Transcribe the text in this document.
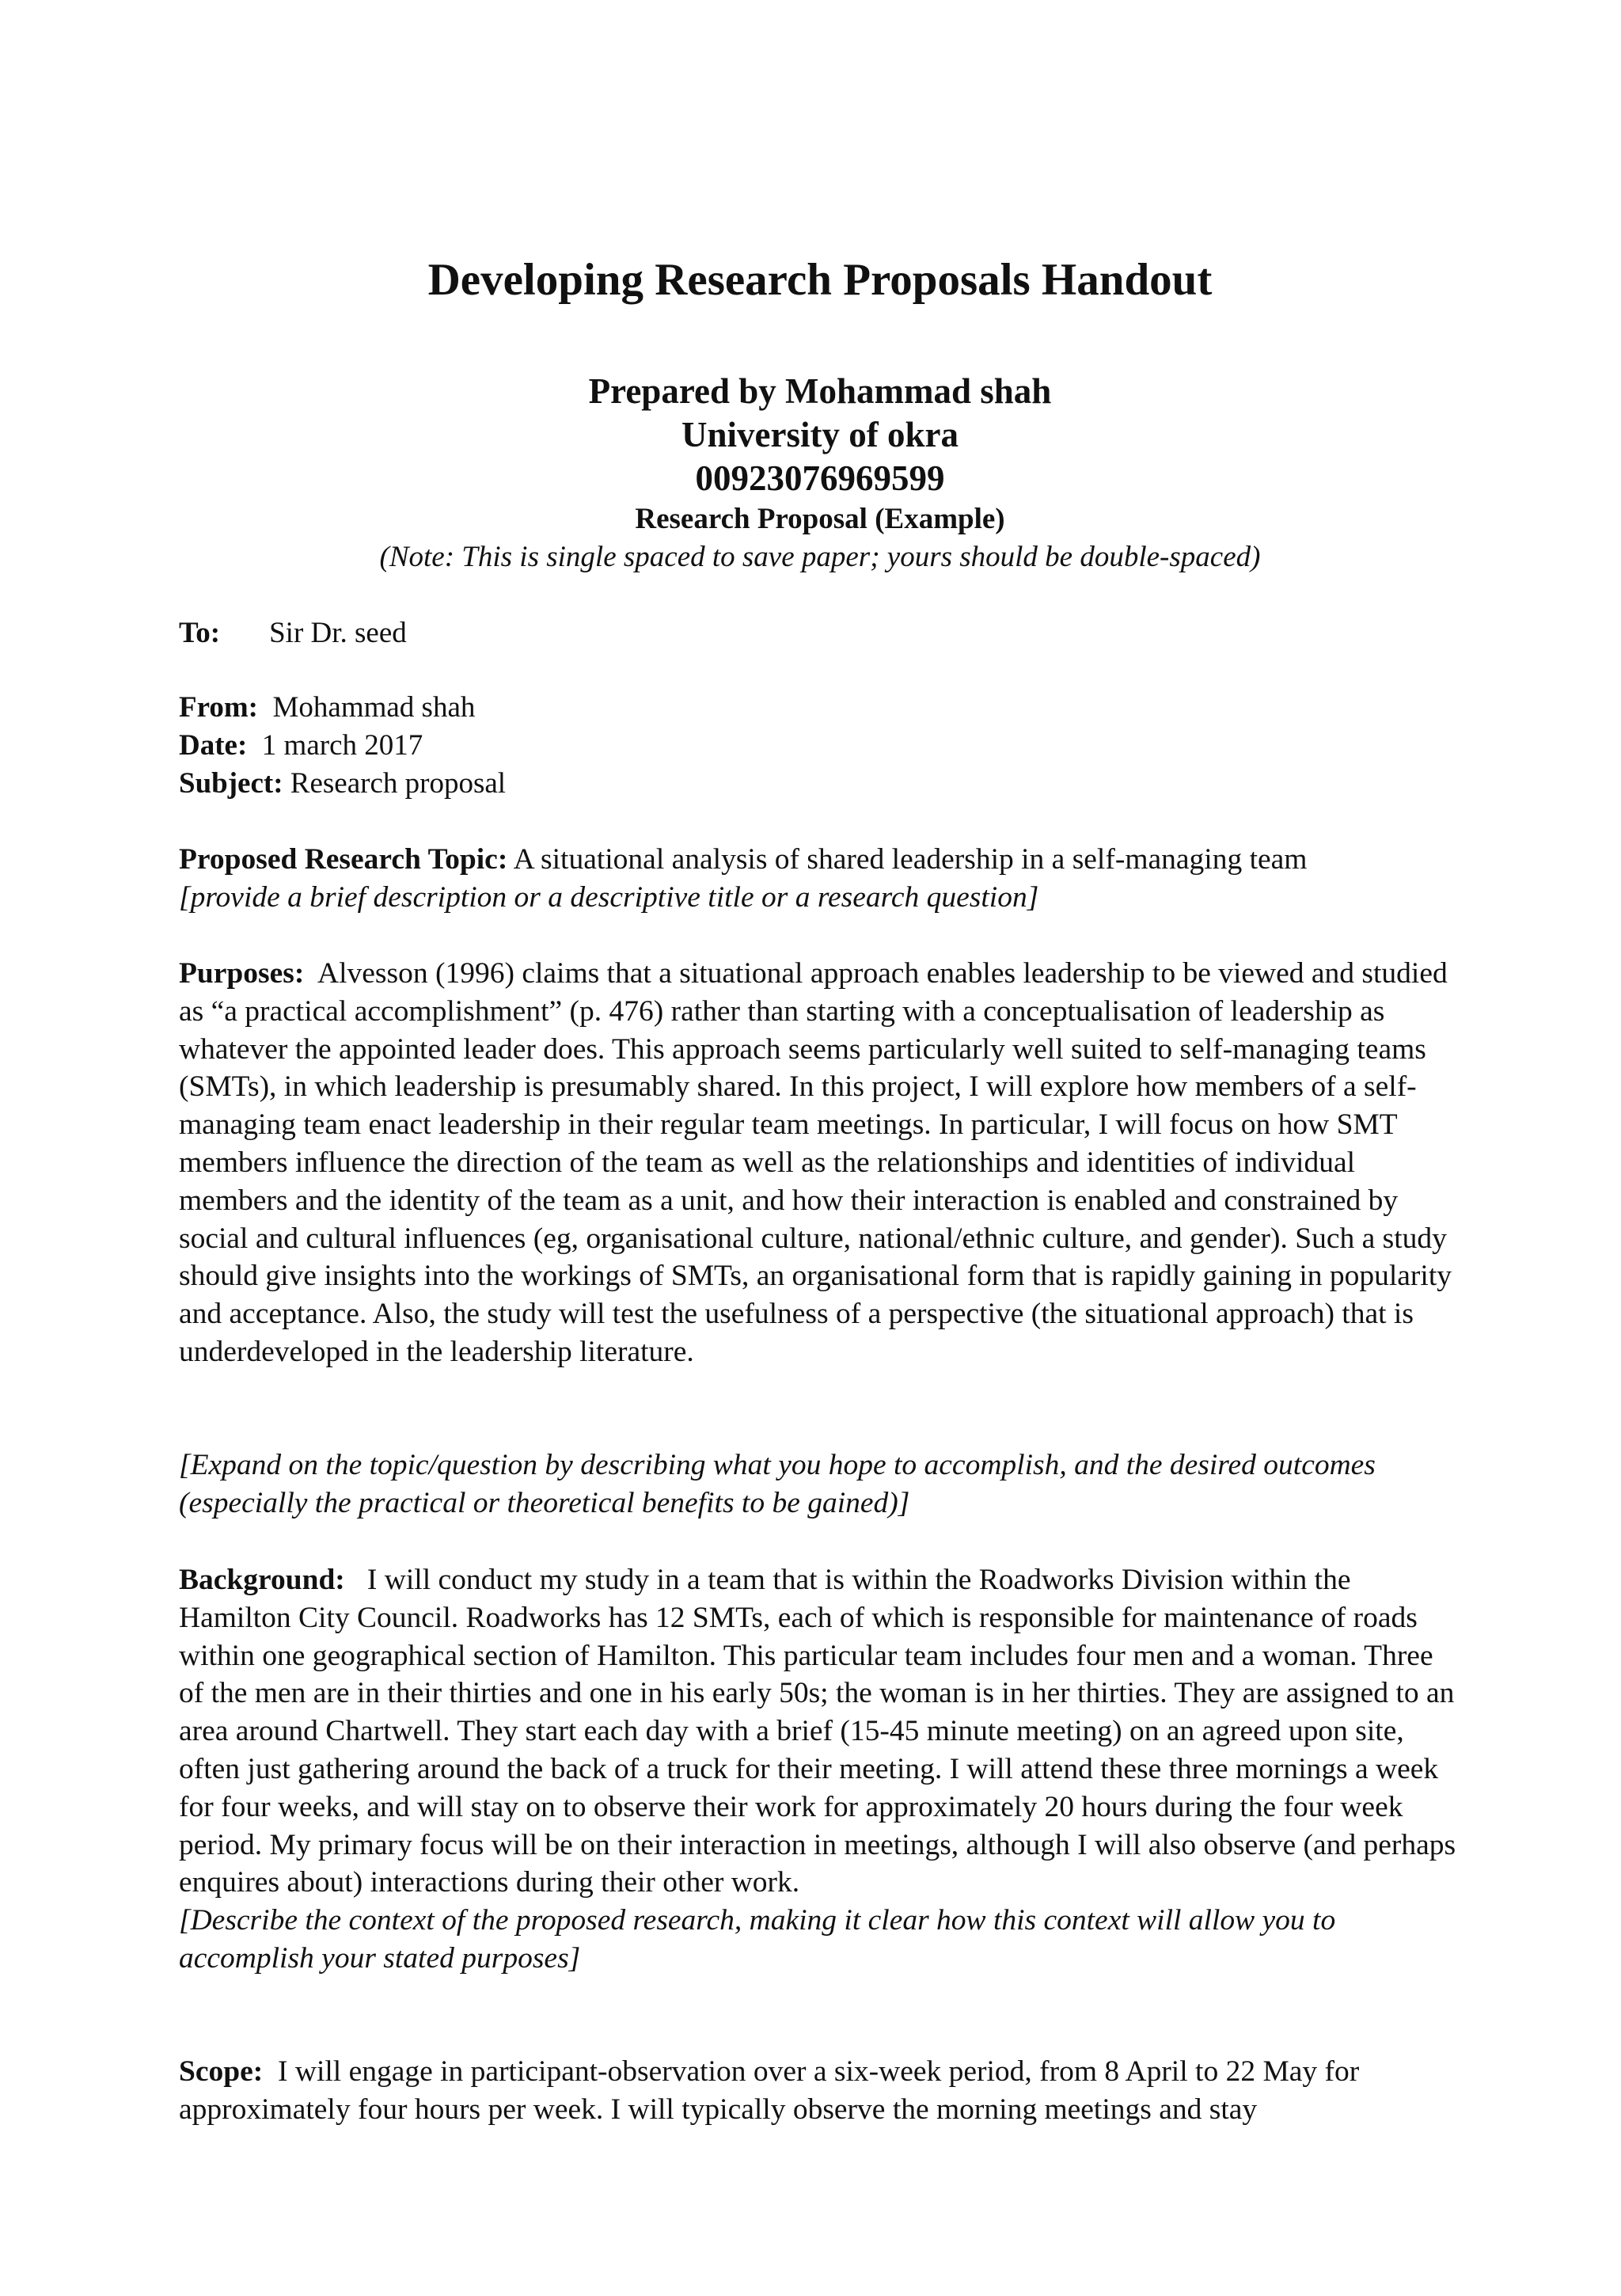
Developing Research Proposals Handout

Prepared by Mohammad shah

University of okra

00923076969599

Research Proposal (Example)

(Note: This is single spaced to save paper; yours should be double-spaced)

To: Sir Dr. seed

From: Mohammad shah

Date: 1 march 2017

Subject: Research proposal

Proposed Research Topic: A situational analysis of shared leadership in a self-managing team
[provide a brief description or a descriptive title or a research question]

Purposes: Alvesson (1996) claims that a situational approach enables leadership to be viewed and studied as “a practical accomplishment” (p. 476) rather than starting with a conceptualisation of leadership as whatever the appointed leader does. This approach seems particularly well suited to self-managing teams (SMTs), in which leadership is presumably shared. In this project, I will explore how members of a self-managing team enact leadership in their regular team meetings. In particular, I will focus on how SMT members influence the direction of the team as well as the relationships and identities of individual members and the identity of the team as a unit, and how their interaction is enabled and constrained by social and cultural influences (eg, organisational culture, national/ethnic culture, and gender). Such a study should give insights into the workings of SMTs, an organisational form that is rapidly gaining in popularity and acceptance. Also, the study will test the usefulness of a perspective (the situational approach) that is underdeveloped in the leadership literature.

[Expand on the topic/question by describing what you hope to accomplish, and the desired outcomes (especially the practical or theoretical benefits to be gained)]

Background: I will conduct my study in a team that is within the Roadworks Division within the Hamilton City Council. Roadworks has 12 SMTs, each of which is responsible for maintenance of roads within one geographical section of Hamilton. This particular team includes four men and a woman. Three of the men are in their thirties and one in his early 50s; the woman is in her thirties. They are assigned to an area around Chartwell. They start each day with a brief (15-45 minute meeting) on an agreed upon site, often just gathering around the back of a truck for their meeting. I will attend these three mornings a week for four weeks, and will stay on to observe their work for approximately 20 hours during the four week period. My primary focus will be on their interaction in meetings, although I will also observe (and perhaps enquires about) interactions during their other work.
[Describe the context of the proposed research, making it clear how this context will allow you to accomplish your stated purposes]

Scope: I will engage in participant-observation over a six-week period, from 8 April to 22 May for approximately four hours per week. I will typically observe the morning meetings and stay
